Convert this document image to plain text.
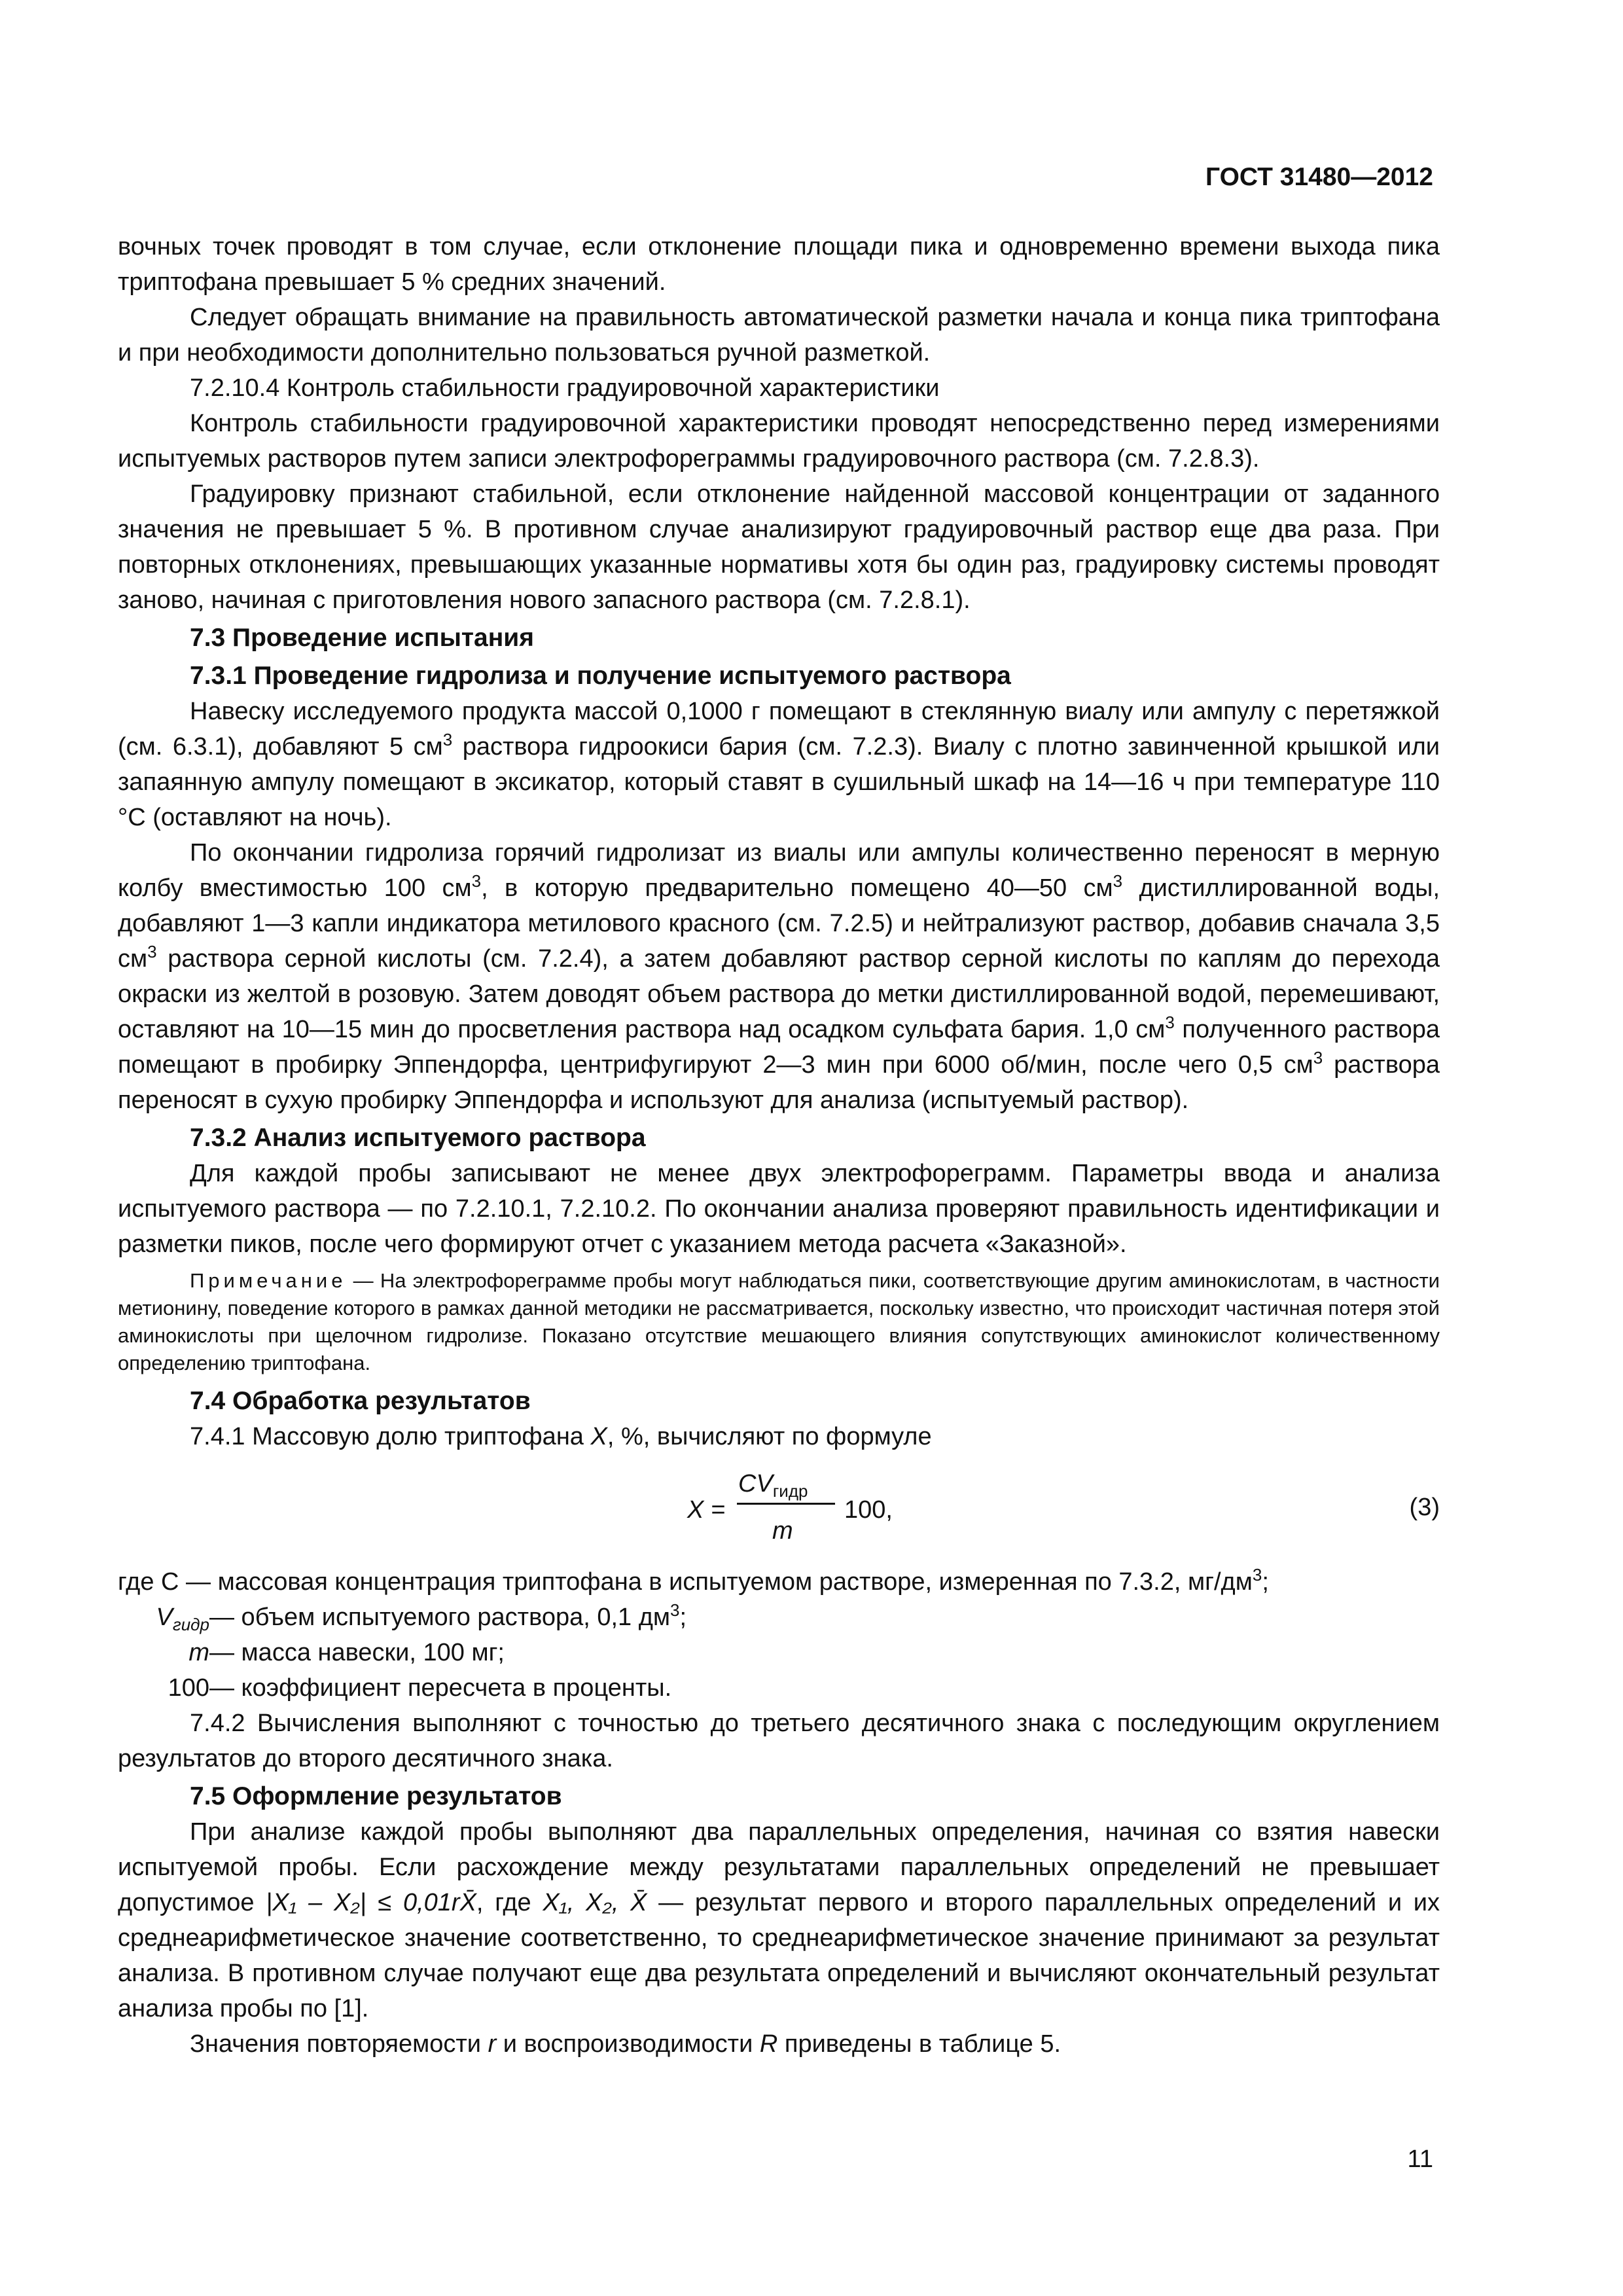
ГОСТ 31480—2012

вочных точек проводят в том случае, если отклонение площади пика и одновременно времени выхода пика триптофана превышает 5 % средних значений.

Следует обращать внимание на правильность автоматической разметки начала и конца пика триптофана и при необходимости дополнительно пользоваться ручной разметкой.

7.2.10.4 Контроль стабильности градуировочной характеристики

Контроль стабильности градуировочной характеристики проводят непосредственно перед измерениями испытуемых растворов путем записи электрофореграммы градуировочного раствора (см. 7.2.8.3).

Градуировку признают стабильной, если отклонение найденной массовой концентрации от заданного значения не превышает 5 %. В противном случае анализируют градуировочный раствор еще два раза. При повторных отклонениях, превышающих указанные нормативы хотя бы один раз, градуировку системы проводят заново, начиная с приготовления нового запасного раствора (см. 7.2.8.1).

7.3 Проведение испытания

7.3.1 Проведение гидролиза и получение испытуемого раствора

Навеску исследуемого продукта массой 0,1000 г помещают в стеклянную виалу или ампулу с перетяжкой (см. 6.3.1), добавляют 5 $см^3$ раствора гидроокиси бария (см. 7.2.3). Виалу с плотно завинченной крышкой или запаянную ампулу помещают в эксикатор, который ставят в сушильный шкаф на 14—16 ч при температуре 110 °С (оставляют на ночь).

По окончании гидролиза горячий гидролизат из виалы или ампулы количественно переносят в мерную колбу вместимостью 100 $см^3$, в которую предварительно помещено 40—50 $см^3$ дистиллированной воды, добавляют 1—3 капли индикатора метилового красного (см. 7.2.5) и нейтрализуют раствор, добавив сначала 3,5 $см^3$ раствора серной кислоты (см. 7.2.4), а затем добавляют раствор серной кислоты по каплям до перехода окраски из желтой в розовую. Затем доводят объем раствора до метки дистиллированной водой, перемешивают, оставляют на 10—15 мин до просветления раствора над осадком сульфата бария. 1,0 $см^3$ полученного раствора помещают в пробирку Эппендорфа, центрифугируют 2—3 мин при 6000 об/мин, после чего 0,5 $см^3$ раствора переносят в сухую пробирку Эппендорфа и используют для анализа (испытуемый раствор).

7.3.2 Анализ испытуемого раствора

Для каждой пробы записывают не менее двух электрофореграмм. Параметры ввода и анализа испытуемого раствора — по 7.2.10.1, 7.2.10.2. По окончании анализа проверяют правильность идентификации и разметки пиков, после чего формируют отчет с указанием метода расчета «Заказной».

Примечание — На электрофореграмме пробы могут наблюдаться пики, соответствующие другим аминокислотам, в частности метионину, поведение которого в рамках данной методики не рассматривается, поскольку известно, что происходит частичная потеря этой аминокислоты при щелочном гидролизе. Показано отсутствие мешающего влияния сопутствующих аминокислот количественному определению триптофана.

7.4 Обработка результатов

7.4.1 Массовую долю триптофана X, %, вычисляют по формуле

X =
$CV_{гидр}$
m
100,	(3)
где C — массовая концентрация триптофана в испытуемом растворе, измеренная по 7.3.2, $мг/дм^3$;
$V_{гидр}$ — объем испытуемого раствора, 0,1 $дм^3$;
m — масса навески, 100 мг;
100 — коэффициент пересчета в проценты.

7.4.2 Вычисления выполняют с точностью до третьего десятичного знака с последующим округлением результатов до второго десятичного знака.

7.5 Оформление результатов

При анализе каждой пробы выполняют два параллельных определения, начиная со взятия навески испытуемой пробы. Если расхождение между результатами параллельных определений не превышает допустимое |X₁ – X₂| ≤ 0,01rX̄, где X₁, X₂, X̄ — результат первого и второго параллельных определений и их среднеарифметическое значение соответственно, то среднеарифметическое значение принимают за результат анализа. В противном случае получают еще два результата определений и вычисляют окончательный результат анализа пробы по [1].

Значения повторяемости r и воспроизводимости R приведены в таблице 5.

11
